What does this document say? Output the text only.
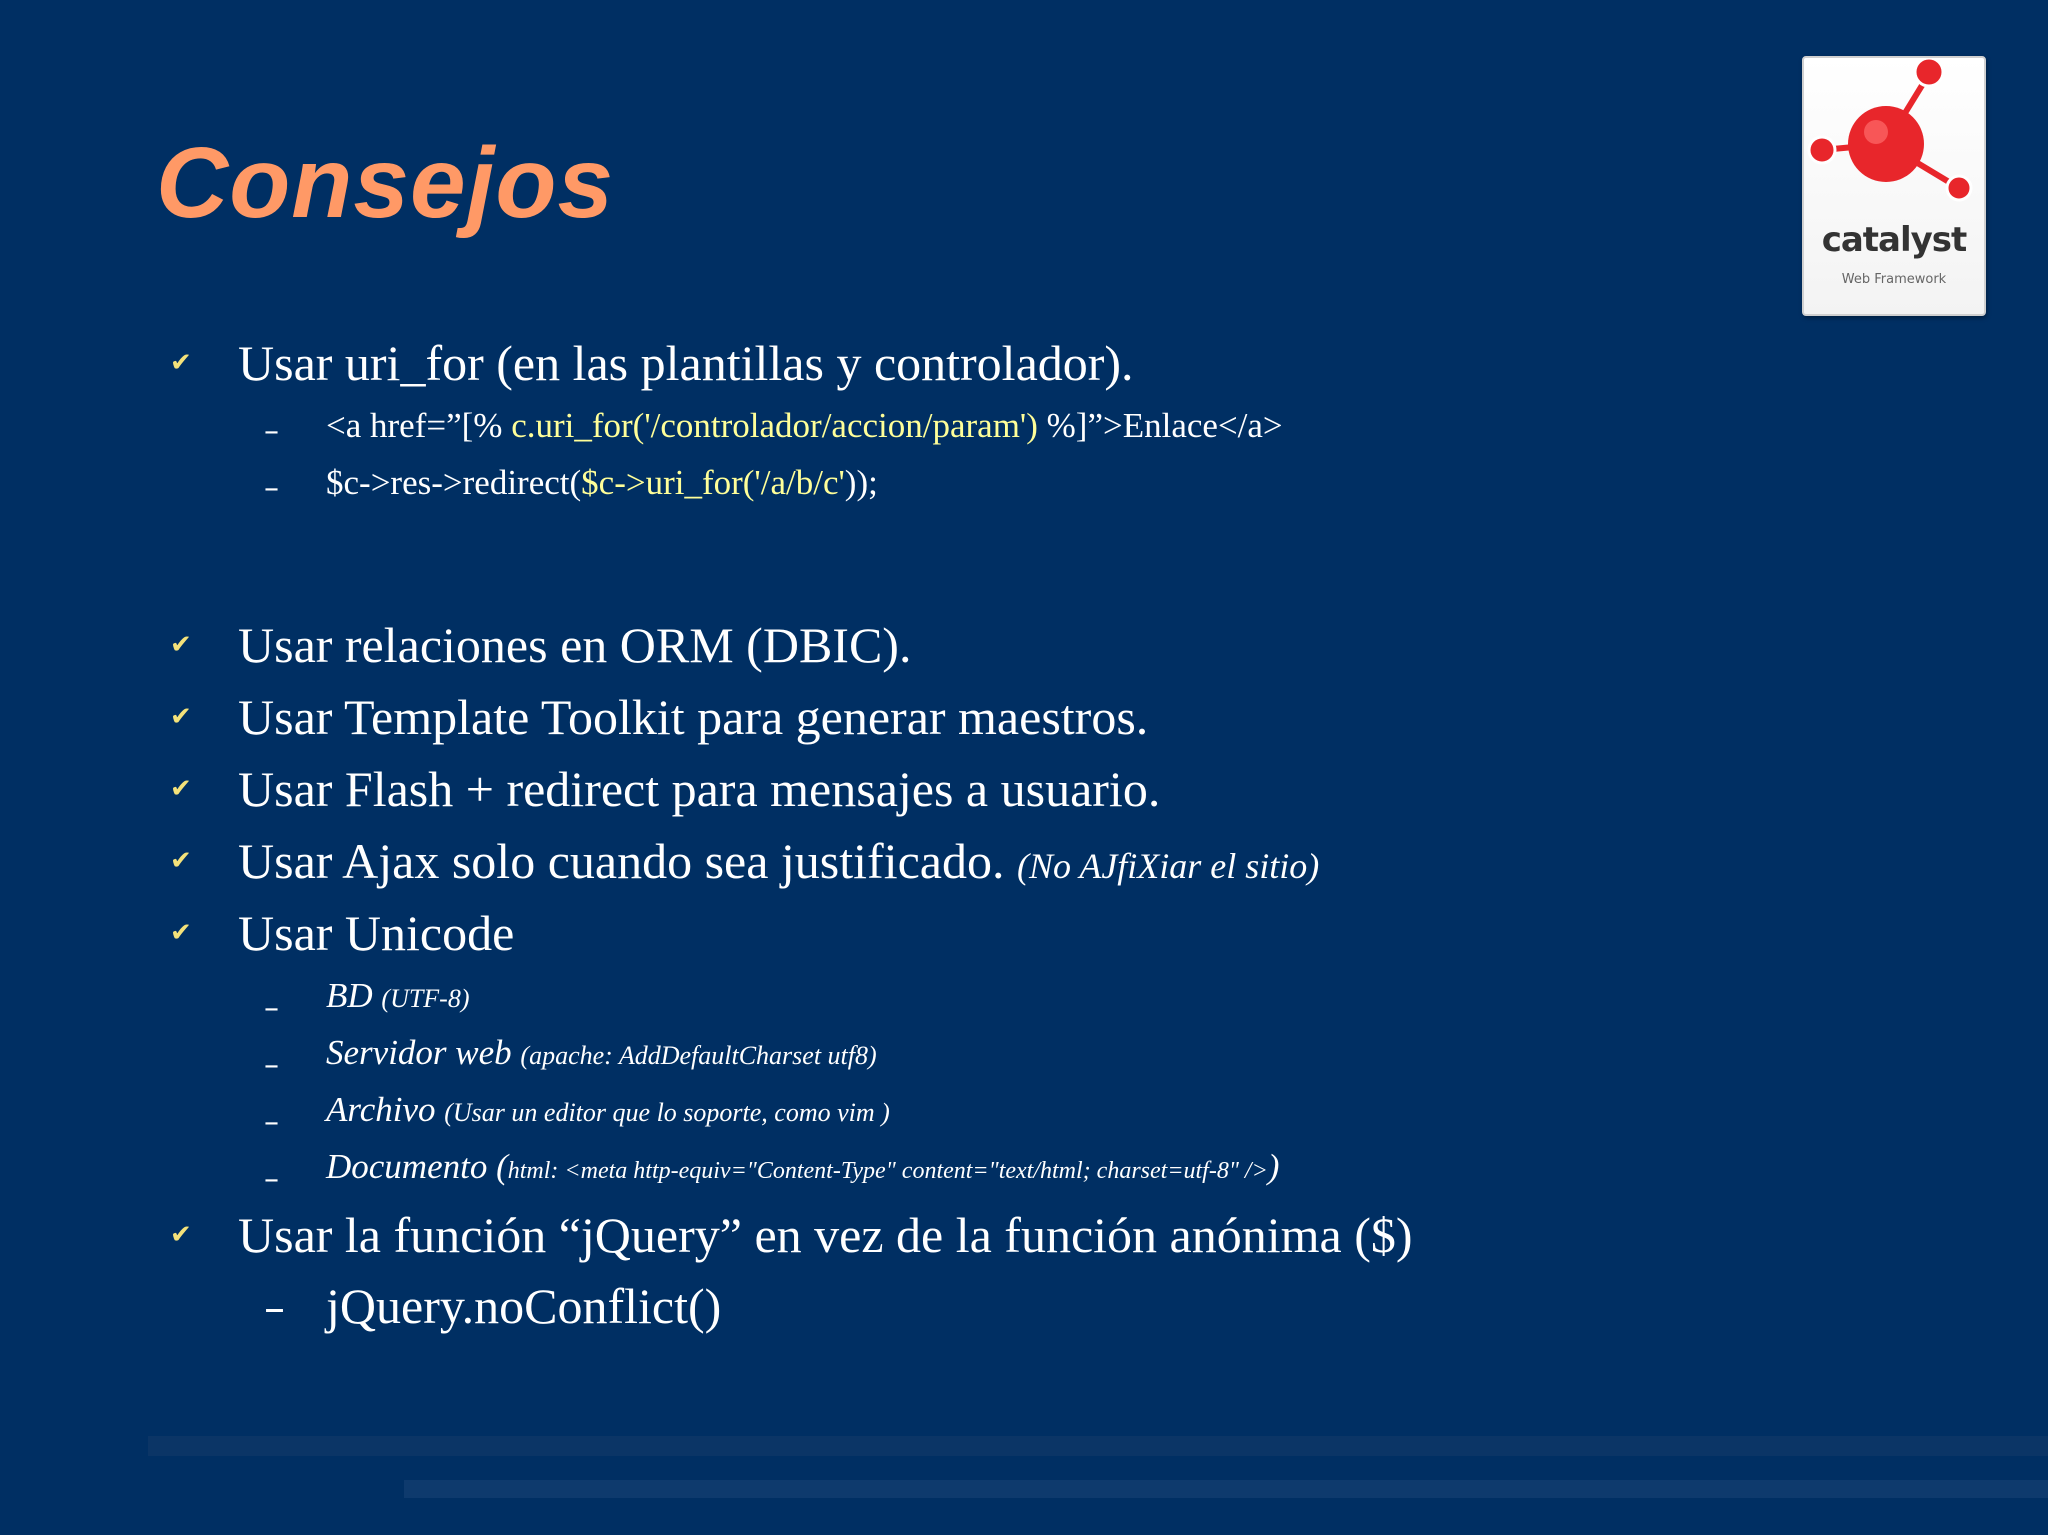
Consejos
catalyst
Web Framework
✔ Usar uri_for (en las plantillas y controlador).
– <a href=”[% c.uri_for('/controlador/accion/param') %]”>Enlace</a>
– $c->res->redirect($c->uri_for('/a/b/c'));
✔ Usar relaciones en ORM (DBIC).
✔ Usar Template Toolkit para generar maestros.
✔ Usar Flash + redirect para mensajes a usuario.
✔ Usar Ajax solo cuando sea justificado. (No AJfiXiar el sitio)
✔ Usar Unicode
– BD (UTF-8)
– Servidor web (apache: AddDefaultCharset utf8)
– Archivo (Usar un editor que lo soporte, como vim )
– Documento (html: <meta http-equiv="Content-Type" content="text/html; charset=utf-8" />)
✔ Usar la función “jQuery” en vez de la función anónima ($)
– jQuery.noConflict()
